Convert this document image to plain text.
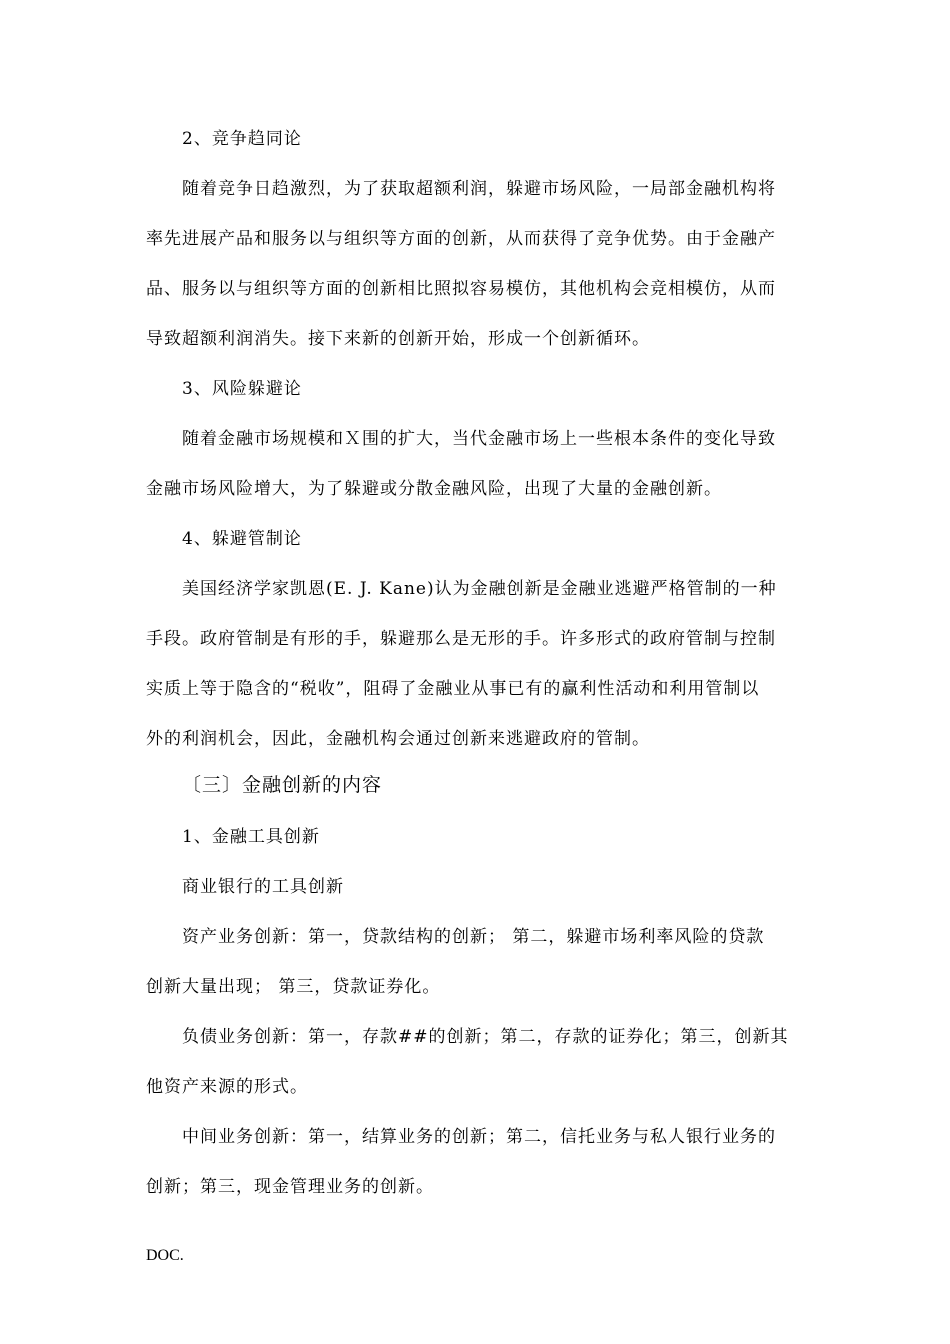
2、竞争趋同论
随着竞争日趋激烈，为了获取超额利润，躲避市场风险，一局部金融机构将
率先进展产品和服务以与组织等方面的创新，从而获得了竞争优势。由于金融产
品、服务以与组织等方面的创新相比照拟容易模仿，其他机构会竞相模仿，从而
导致超额利润消失。接下来新的创新开始，形成一个创新循环。
3、风险躲避论
随着金融市场规模和Ｘ围的扩大，当代金融市场上一些根本条件的变化导致
金融市场风险增大，为了躲避或分散金融风险，出现了大量的金融创新。
4、躲避管制论
美国经济学家凯恩(E. J. Kane)认为金融创新是金融业逃避严格管制的一种
手段。政府管制是有形的手，躲避那么是无形的手。许多形式的政府管制与控制
实质上等于隐含的“税收”，阻碍了金融业从事已有的赢利性活动和利用管制以
外的利润机会，因此，金融机构会通过创新来逃避政府的管制。
〔三〕金融创新的内容
1、金融工具创新
商业银行的工具创新
资产业务创新：第一，贷款结构的创新； 第二，躲避市场利率风险的贷款
创新大量出现； 第三，贷款证券化。
负债业务创新：第一，存款##的创新；第二，存款的证券化；第三，创新其
他资产来源的形式。
中间业务创新：第一，结算业务的创新；第二，信托业务与私人银行业务的
创新；第三，现金管理业务的创新。
DOC.
